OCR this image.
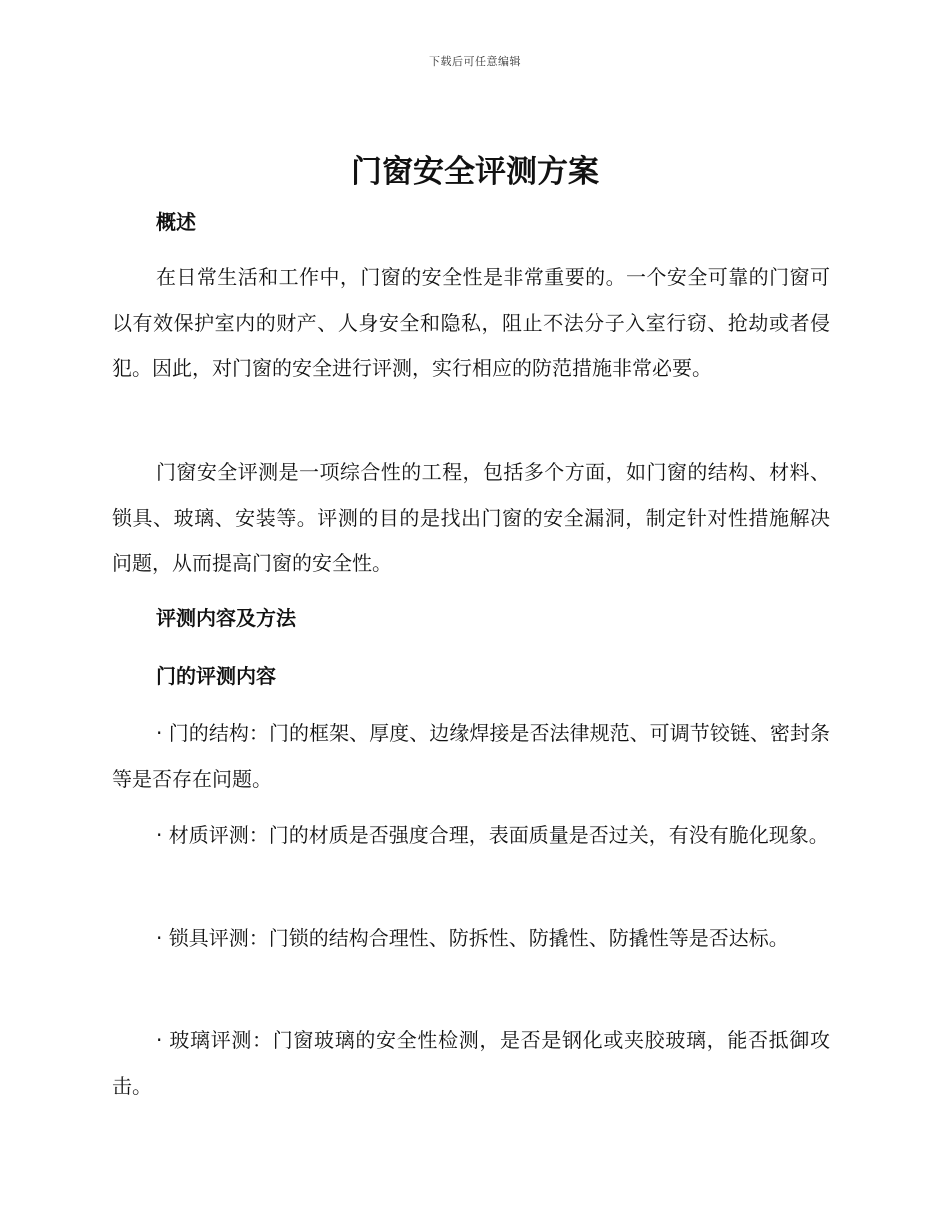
下载后可任意编辑
门窗安全评测方案
概述

在日常生活和工作中，门窗的安全性是非常重要的。一个安全可靠的门窗可以有效保护室内的财产、人身安全和隐私，阻止不法分子入室行窃、抢劫或者侵犯。因此，对门窗的安全进行评测，实行相应的防范措施非常必要。

门窗安全评测是一项综合性的工程，包括多个方面，如门窗的结构、材料、锁具、玻璃、安装等。评测的目的是找出门窗的安全漏洞，制定针对性措施解决问题，从而提高门窗的安全性。

评测内容及方法
门的评测内容

· 门的结构：门的框架、厚度、边缘焊接是否法律规范、可调节铰链、密封条等是否存在问题。

· 材质评测：门的材质是否强度合理，表面质量是否过关，有没有脆化现象。

· 锁具评测：门锁的结构合理性、防拆性、防撬性、防撬性等是否达标。

· 玻璃评测：门窗玻璃的安全性检测，是否是钢化或夹胶玻璃，能否抵御攻击。
